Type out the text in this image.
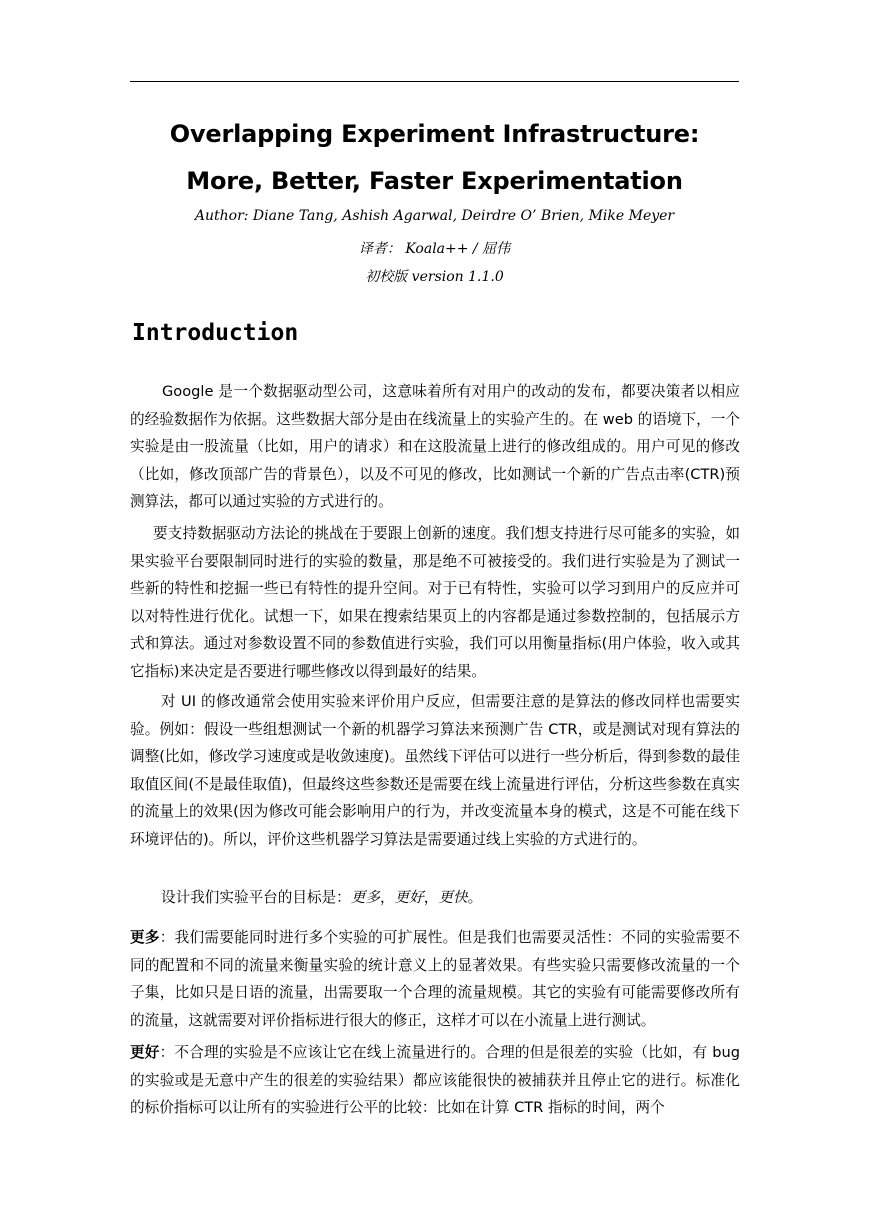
Overlapping Experiment Infrastructure:
More, Better, Faster Experimentation
Author: Diane Tang, Ashish Agarwal, Deirdre O’ Brien, Mike Meyer
译者： Koala++ / 屈伟
初校版 version 1.1.0
Introduction

Google 是一个数据驱动型公司，这意味着所有对用户的改动的发布，都要决策者以相应的经验数据作为依据。这些数据大部分是由在线流量上的实验产生的。在 web 的语境下，一个实验是由一股流量（比如，用户的请求）和在这股流量上进行的修改组成的。用户可见的修改（比如，修改顶部广告的背景色），以及不可见的修改，比如测试一个新的广告点击率(CTR)预测算法，都可以通过实验的方式进行的。

要支持数据驱动方法论的挑战在于要跟上创新的速度。我们想支持进行尽可能多的实验，如果实验平台要限制同时进行的实验的数量，那是绝不可被接受的。我们进行实验是为了测试一些新的特性和挖掘一些已有特性的提升空间。对于已有特性，实验可以学习到用户的反应并可以对特性进行优化。试想一下，如果在搜索结果页上的内容都是通过参数控制的，包括展示方式和算法。通过对参数设置不同的参数值进行实验，我们可以用衡量指标(用户体验，收入或其它指标)来决定是否要进行哪些修改以得到最好的结果。

对 UI 的修改通常会使用实验来评价用户反应，但需要注意的是算法的修改同样也需要实验。例如：假设一些组想测试一个新的机器学习算法来预测广告 CTR，或是测试对现有算法的调整(比如，修改学习速度或是收敛速度)。虽然线下评估可以进行一些分析后，得到参数的最佳取值区间(不是最佳取值)，但最终这些参数还是需要在线上流量进行评估，分析这些参数在真实的流量上的效果(因为修改可能会影响用户的行为，并改变流量本身的模式，这是不可能在线下环境评估的)。所以，评价这些机器学习算法是需要通过线上实验的方式进行的。

设计我们实验平台的目标是：更多，更好，更快。

更多：我们需要能同时进行多个实验的可扩展性。但是我们也需要灵活性：不同的实验需要不同的配置和不同的流量来衡量实验的统计意义上的显著效果。有些实验只需要修改流量的一个子集，比如只是日语的流量，出需要取一个合理的流量规模。其它的实验有可能需要修改所有的流量，这就需要对评价指标进行很大的修正，这样才可以在小流量上进行测试。

更好：不合理的实验是不应该让它在线上流量进行的。合理的但是很差的实验（比如，有 bug 的实验或是无意中产生的很差的实验结果）都应该能很快的被捕获并且停止它的进行。标准化的标价指标可以让所有的实验进行公平的比较：比如在计算 CTR 指标的时间，两个
